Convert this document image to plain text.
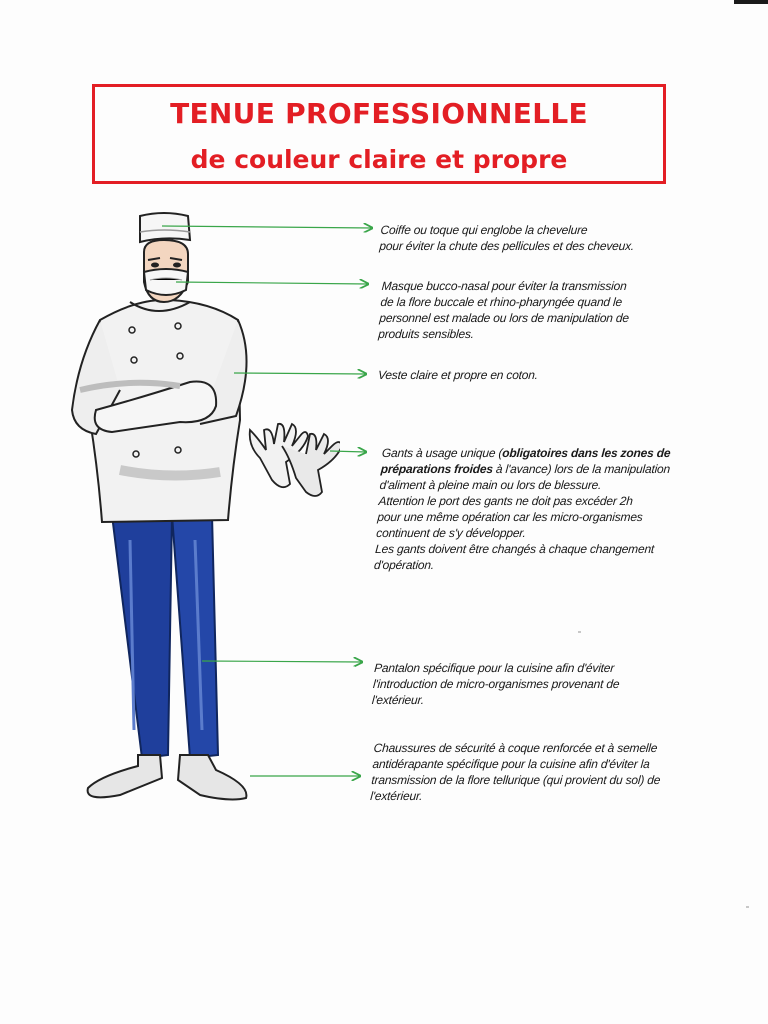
TENUE PROFESSIONNELLE
de couleur claire et propre
Coiffe ou toque qui englobe la chevelure
pour éviter la chute des pellicules et des cheveux.
Masque bucco-nasal pour éviter la transmission
de la flore buccale et rhino-pharyngée quand le
personnel est malade ou lors de manipulation de
produits sensibles.
Veste claire et propre en coton.
Gants à usage unique (obligatoires dans les zones de
préparations froides à l'avance) lors de la manipulation
d'aliment à pleine main ou lors de blessure.
Attention le port des gants ne doit pas excéder 2h
pour une même opération car les micro-organismes
continuent de s'y développer.
Les gants doivent être changés à chaque changement
d'opération.
Pantalon spécifique pour la cuisine afin d'éviter
l'introduction de micro-organismes provenant de
l'extérieur.
Chaussures de sécurité à coque renforcée et à semelle
antidérapante spécifique pour la cuisine afin d'éviter la
transmission de la flore tellurique (qui provient du sol) de
l'extérieur.
